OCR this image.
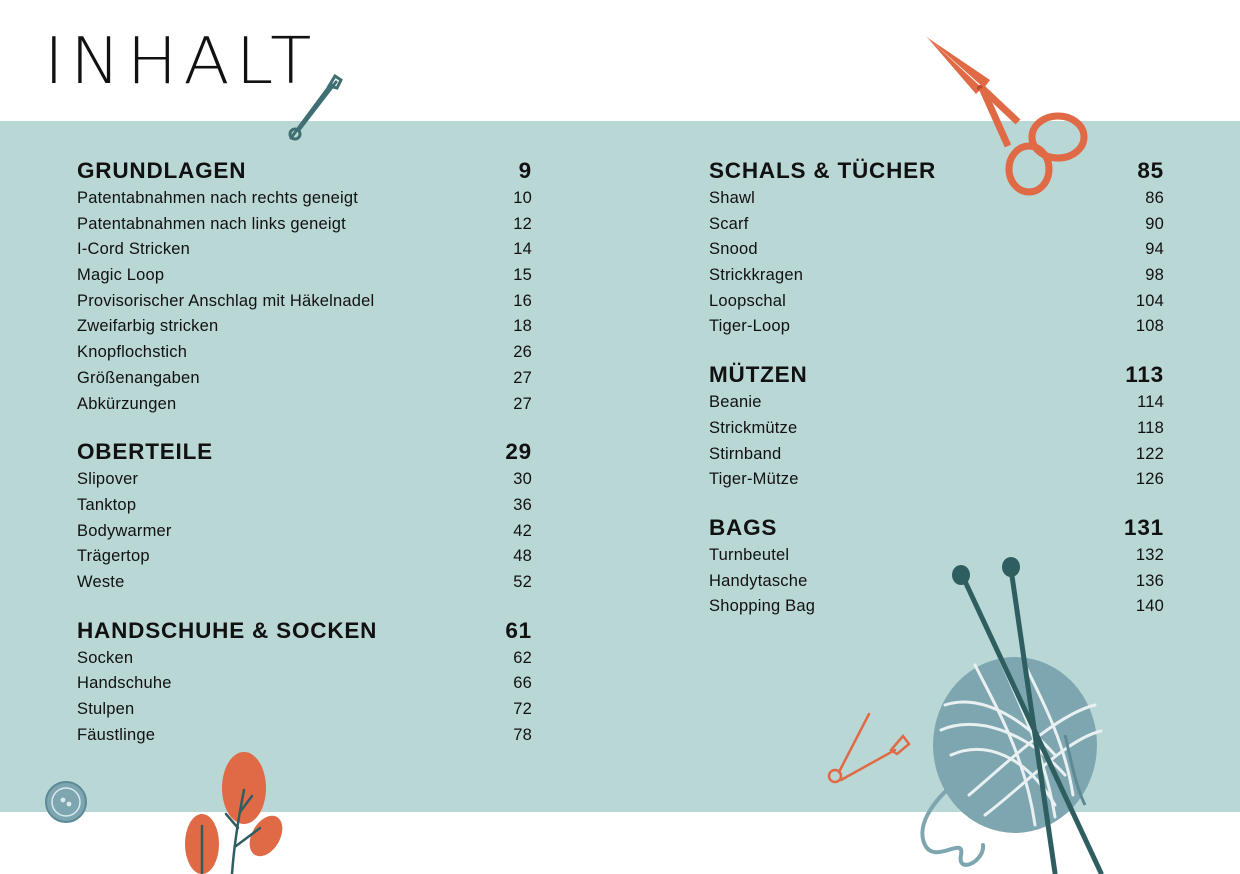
INHALT
GRUNDLAGEN	9
Patentabnahmen nach rechts geneigt	10
Patentabnahmen nach links geneigt	12
I-Cord Stricken	14
Magic Loop	15
Provisorischer Anschlag mit Häkelnadel	16
Zweifarbig stricken	18
Knopflochstich	26
Größenangaben	27
Abkürzungen	27
OBERTEILE	29
Slipover	30
Tanktop	36
Bodywarmer	42
Trägertop	48
Weste	52
HANDSCHUHE & SOCKEN	61
Socken	62
Handschuhe	66
Stulpen	72
Fäustlinge	78
SCHALS & TÜCHER	85
Shawl	86
Scarf	90
Snood	94
Strickkragen	98
Loopschal	104
Tiger-Loop	108
MÜTZEN	113
Beanie	114
Strickmütze	118
Stirnband	122
Tiger-Mütze	126
BAGS	131
Turnbeutel	132
Handytasche	136
Shopping Bag	140
